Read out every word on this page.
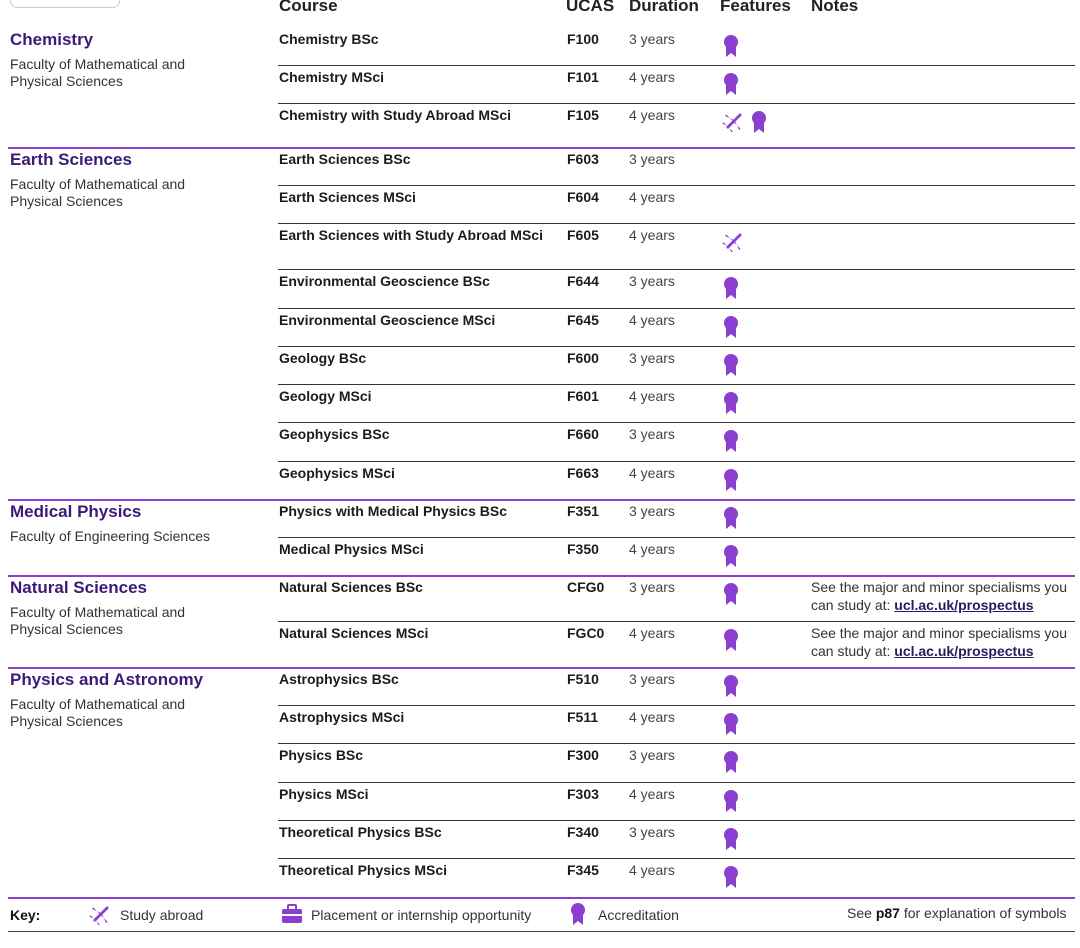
Course	UCAS Duration Features Notes
Chemistry
Faculty of Mathematical and Physical Sciences
Chemistry BSc	F100 3 years
Chemistry MSci	F101 4 years
Chemistry with Study Abroad MSci	F105 4 years
Earth Sciences
Faculty of Mathematical and Physical Sciences
Earth Sciences BSc	F603 3 years
Earth Sciences MSci	F604 4 years
Earth Sciences with Study Abroad MSci F605 4 years
Environmental Geoscience BSc	F644 3 years
Environmental Geoscience MSci	F645 4 years
Geology BSc	F600 3 years
Geology MSci	F601 4 years
Geophysics BSc	F660 3 years
Geophysics MSci	F663 4 years
Medical Physics
Faculty of Engineering Sciences
Physics with Medical Physics BSc	F351 3 years
Medical Physics MSci	F350 4 years
Natural Sciences
Faculty of Mathematical and Physical Sciences
Natural Sciences BSc	CFG0 3 years	See the major and minor specialisms you can study at: ucl.ac.uk/prospectus
Natural Sciences MSci	FGC0 4 years	See the major and minor specialisms you can study at: ucl.ac.uk/prospectus
Physics and Astronomy
Faculty of Mathematical and Physical Sciences
Astrophysics BSc	F510 3 years
Astrophysics MSci	F511 4 years
Physics BSc	F300 3 years
Physics MSci	F303 4 years
Theoretical Physics BSc	F340 3 years
Theoretical Physics MSci	F345 4 years
Key:	Study abroad	Placement or internship opportunity	Accreditation	See p87 for explanation of symbols
